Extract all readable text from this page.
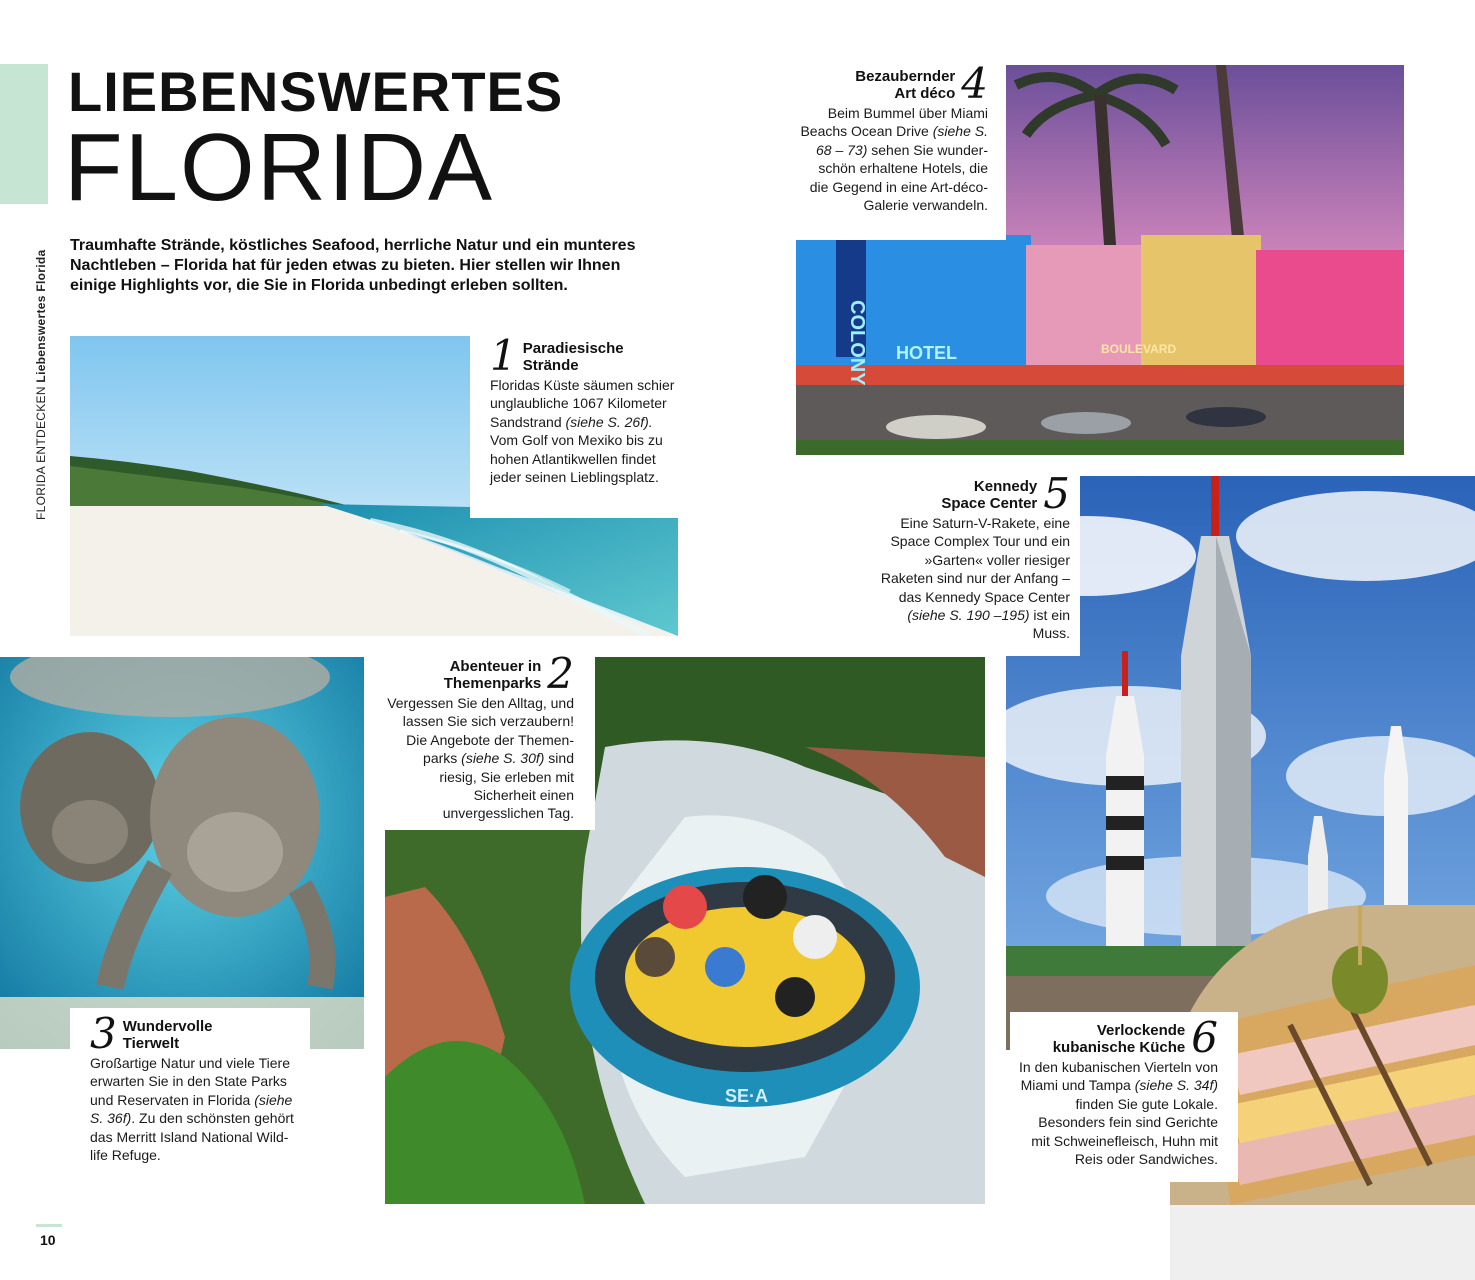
FLORIDA ENTDECKEN Liebenswertes Florida
LIEBENSWERTES
FLORIDA
Traumhafte Strände, köstliches Seafood, herrliche Natur und ein munteres Nachtleben – Florida hat für jeden etwas zu bieten. Hier stellen wir Ihnen einige Highlights vor, die Sie in Florida unbedingt erleben sollten.
1 Paradiesische
Strände
Floridas Küste säumen schier unglaubliche 1067 Kilometer Sandstrand (siehe S. 26f). Vom Golf von Mexiko bis zu hohen Atlantikwellen findet jeder seinen Lieblingsplatz.
COLONY HOTEL	BOULEVARD
Bezaubernder
Art déco 4
Beim Bummel über Miami Beachs Ocean Drive (siehe S. 68 – 73) sehen Sie wunderschön erhaltene Hotels, die die Gegend in eine Art-déco-Galerie verwandeln.
Kennedy
Space Center 5
Eine Saturn-V-Rakete, eine Space Complex Tour und ein »Garten« voller riesiger Raketen sind nur der Anfang – das Kennedy Space Center (siehe S. 190 –195) ist ein Muss.
3 Wundervolle
Tierwelt
Großartige Natur und viele Tiere erwarten Sie in den State Parks und Reservaten in Florida (siehe S. 36f). Zu den schönsten gehört das Merritt Island National Wildlife Refuge.
SE·A
Abenteuer in
Themenparks 2
Vergessen Sie den Alltag, und lassen Sie sich verzaubern! Die Angebote der Themenparks (siehe S. 30f) sind riesig, Sie erleben mit Sicherheit einen unvergesslichen Tag.
Verlockende
kubanische Küche 6
In den kubanischen Vierteln von Miami und Tampa (siehe S. 34f) finden Sie gute Lokale. Besonders fein sind Gerichte mit Schweinefleisch, Huhn mit Reis oder Sandwiches.
10
